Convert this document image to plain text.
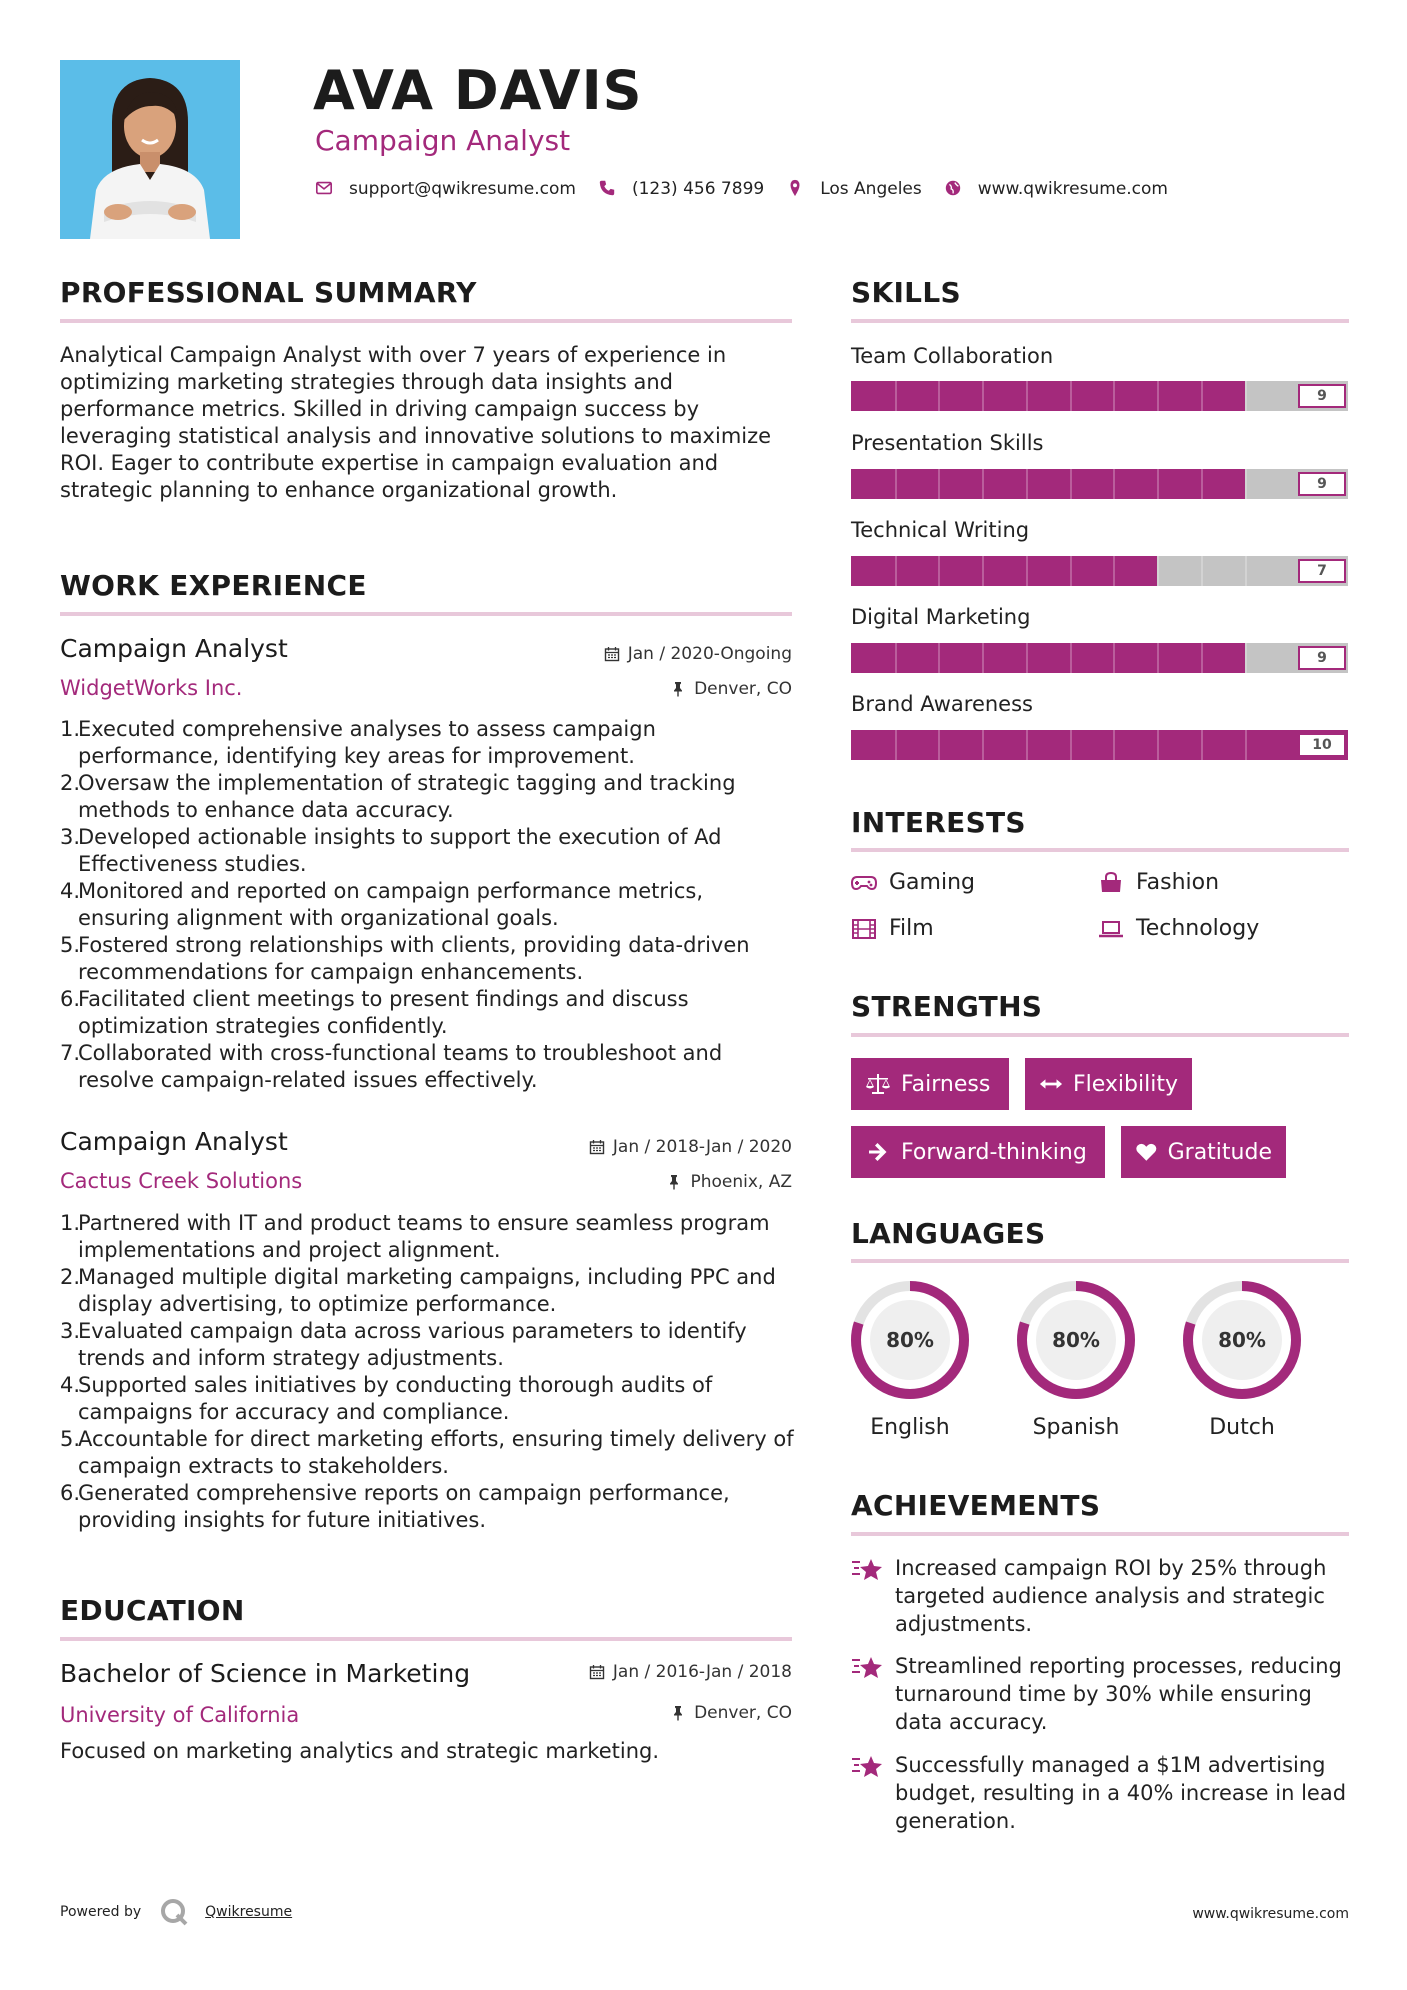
AVA DAVIS
Campaign Analyst
support@qwikresume.com	(123) 456 7899	Los Angeles	www.qwikresume.com
PROFESSIONAL SUMMARY
Analytical Campaign Analyst with over 7 years of experience in optimizing marketing strategies through data insights and performance metrics. Skilled in driving campaign success by leveraging statistical analysis and innovative solutions to maximize ROI. Eager to contribute expertise in campaign evaluation and strategic planning to enhance organizational growth.
WORK EXPERIENCE
Campaign Analyst	Jan / 2020-Ongoing
WidgetWorks Inc.	Denver, CO
1.
Executed comprehensive analyses to assess campaign performance, identifying key areas for improvement.
2.
Oversaw the implementation of strategic tagging and tracking methods to enhance data accuracy.
3.
Developed actionable insights to support the execution of Ad Effectiveness studies.
4.
Monitored and reported on campaign performance metrics, ensuring alignment with organizational goals.
5.
Fostered strong relationships with clients, providing data-driven recommendations for campaign enhancements.
6.
Facilitated client meetings to present findings and discuss optimization strategies confidently.
7.
Collaborated with cross-functional teams to troubleshoot and resolve campaign-related issues effectively.
Campaign Analyst	Jan / 2018-Jan / 2020
Cactus Creek Solutions	Phoenix, AZ
1.
Partnered with IT and product teams to ensure seamless program implementations and project alignment.
2.
Managed multiple digital marketing campaigns, including PPC and display advertising, to optimize performance.
3.
Evaluated campaign data across various parameters to identify trends and inform strategy adjustments.
4.
Supported sales initiatives by conducting thorough audits of campaigns for accuracy and compliance.
5.
Accountable for direct marketing efforts, ensuring timely delivery of campaign extracts to stakeholders.
6.
Generated comprehensive reports on campaign performance, providing insights for future initiatives.
EDUCATION
Bachelor of Science in Marketing	Jan / 2016-Jan / 2018
University of California	Denver, CO
Focused on marketing analytics and strategic marketing.
SKILLS
Team Collaboration
9
Presentation Skills
9
Technical Writing
7
Digital Marketing
9
Brand Awareness
10
INTERESTS
Gaming	Fashion
Film	Technology
STRENGTHS
Fairness	Flexibility
Forward-thinking	Gratitude
LANGUAGES
80%
English
80%
Spanish
80%
Dutch
ACHIEVEMENTS
Increased campaign ROI by 25% through targeted audience analysis and strategic adjustments.
Streamlined reporting processes, reducing turnaround time by 30% while ensuring data accuracy.
Successfully managed a $1M advertising budget, resulting in a 40% increase in lead generation.
Powered by	Qwikresume	www.qwikresume.com
